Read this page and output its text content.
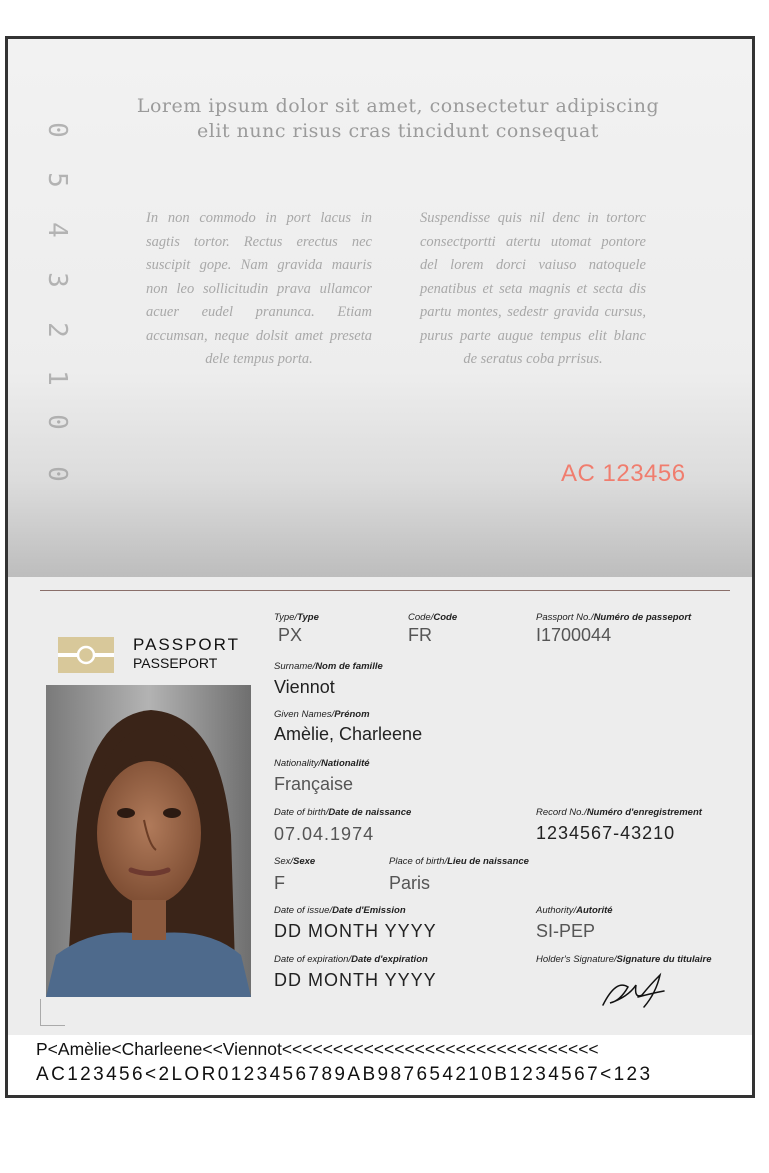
0
5
4
3
2
1
0
0
Lorem ipsum dolor sit amet, consectetur adipiscing elit nunc risus cras tincidunt consequat
In non commodo in port lacus in sagtis tortor. Rectus erectus nec suscipit gope. Nam gravida mauris non leo sollicitudin prava ullamcor acuer eudel pranunca. Etiam accumsan, neque dolsit amet preseta dele tempus porta.
Suspendisse quis nil denc in tortorc consectportti atertu utomat pontore del lorem dorci vaiuso natoquele penatibus et seta magnis et secta dis partu montes, sedestr gravida cursus, purus parte augue tempus elit blanc de seratus coba prrisus.
AC 123456
PASSPORT
PASSEPORT
Type/Type
PX
Code/Code
FR
Passport No./Numéro de passeport
I1700044
Surname/Nom de famille
Viennot
Given Names/Prénom
Amèlie, Charleene
Nationality/Nationalité
Française
Date of birth/Date de naissance
07.04.1974
Record No./Numéro d'enregistrement
1234567-43210
Sex/Sexe
F
Place of birth/Lieu de naissance
Paris
Date of issue/Date d'Emission
DD MONTH YYYY
Authority/Autorité
SI-PEP
Date of expiration/Date d'expiration
DD MONTH YYYY
Holder's Signature/Signature du titulaire
P<Amèlie<Charleene<<Viennot<<<<<<<<<<<<<<<<<<<<<<<<<<<<<<<
AC123456<2LOR0123456789AB987654210B1234567<123
